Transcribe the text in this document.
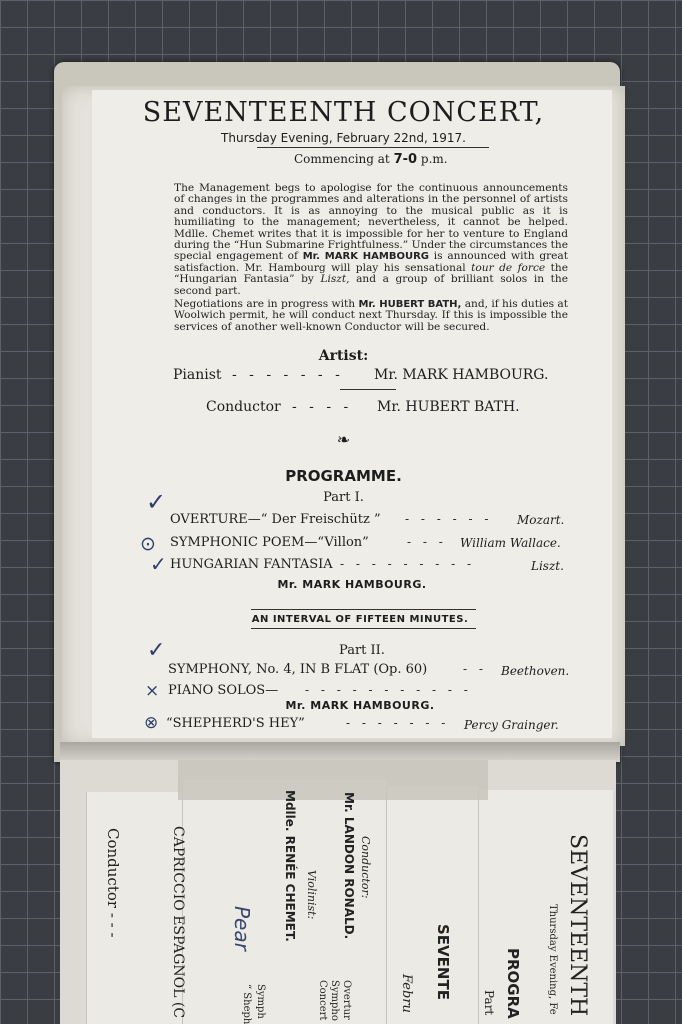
SEVENTEENTH CONCERT,
Thursday Evening, February 22nd, 1917.
Commencing at 7-0 p.m.

The Management begs to apologise for the continuous announcements of changes in the programmes and alterations in the personnel of artists and conductors. It is as annoying to the musical public as it is humiliating to the management; nevertheless, it cannot be helped. Mdlle. Chemet writes that it is impossible for her to venture to England during the “Hun Submarine Frightfulness.” Under the circumstances the special engagement of Mr. MARK HAMBOURG is announced with great satisfaction. Mr. Hambourg will play his sensational tour de force the “Hungarian Fantasia” by Liszt, and a group of brilliant solos in the second part.

Negotiations are in progress with Mr. HUBERT BATH, and, if his duties at Woolwich permit, he will conduct next Thursday. If this is impossible the services of another well-known Conductor will be secured.

Artist:
Pianist - - - - - - - Mr. MARK HAMBOURG.
Conductor - - - - Mr. HUBERT BATH.
❧
PROGRAMME.
Part I.
OVERTURE—“ Der Freischütz ” - - - - - - Mozart.
SYMPHONIC POEM—“Villon”	- - - William Wallace.
HUNGARIAN FANTASIA - - - - - - - - -	Liszt.
Mr. MARK HAMBOURG.
AN INTERVAL OF FIFTEEN MINUTES.
Part II.
SYMPHONY, No. 4, IN B FLAT (Op. 60)	- - Beethoven.
PIANO SOLOS— - - - - - - - - - - -
Mr. MARK HAMBOURG.
“SHEPHERD'S HEY”	- - - - - - - Percy Grainger.
✓
⊙
✓
✓
×
⊗
Conductor - - -	CAPRICCIO ESPAGNOL (C	Mdlle. RENÉE CHEMET. Violinist: Mr. LANDON RONALD. Conductor:
SEVENTE
Febru	SEVENTEENTH
Thursday Evening, Fe
PROGRA
Part
Overtur
Sympho
Concert
Symph
“ Sheph
Pear
